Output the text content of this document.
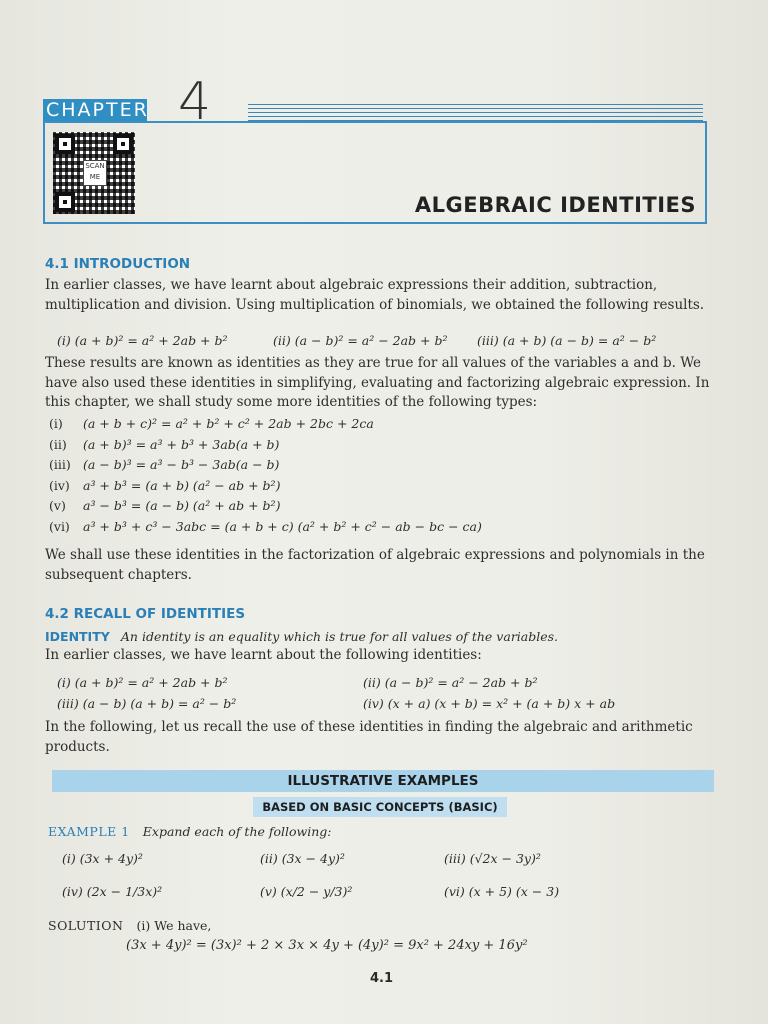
CHAPTER 4
SCAN ME
ALGEBRAIC IDENTITIES
4.1 INTRODUCTION

In earlier classes, we have learnt about algebraic expressions their addition, subtraction, multiplication and division. Using multiplication of binomials, we obtained the following results.

(i) (a + b)² = a² + 2ab + b²	(ii) (a − b)² = a² − 2ab + b² (iii) (a + b) (a − b) = a² − b²

These results are known as identities as they are true for all values of the variables a and b. We have also used these identities in simplifying, evaluating and factorizing algebraic expression. In this chapter, we shall study some more identities of the following types:

(i) (a + b + c)² = a² + b² + c² + 2ab + 2bc + 2ca
(ii) (a + b)³ = a³ + b³ + 3ab(a + b)
(iii) (a − b)³ = a³ − b³ − 3ab(a − b)
(iv) a³ + b³ = (a + b) (a² − ab + b²)
(v) a³ − b³ = (a − b) (a² + ab + b²)
(vi) a³ + b³ + c³ − 3abc = (a + b + c) (a² + b² + c² − ab − bc − ca)

We shall use these identities in the factorization of algebraic expressions and polynomials in the subsequent chapters.

4.2 RECALL OF IDENTITIES
IDENTITY An identity is an equality which is true for all values of the variables.
In earlier classes, we have learnt about the following identities:
(i) (a + b)² = a² + 2ab + b²	(ii) (a − b)² = a² − 2ab + b²
(iii) (a − b) (a + b) = a² − b²	(iv) (x + a) (x + b) = x² + (a + b) x + ab
In the following, let us recall the use of these identities in finding the algebraic and arithmetic products.
ILLUSTRATIVE EXAMPLES
BASED ON BASIC CONCEPTS (BASIC)
EXAMPLE 1 Expand each of the following:
(i) (3x + 4y)²	(ii) (3x − 4y)²	(iii) (√2x − 3y)²
(iv) (2x − 1/3x)²	(v) (x/2 − y/3)²	(vi) (x + 5) (x − 3)
SOLUTION (i) We have,
(3x + 4y)² = (3x)² + 2 × 3x × 4y + (4y)² = 9x² + 24xy + 16y²
4.1
